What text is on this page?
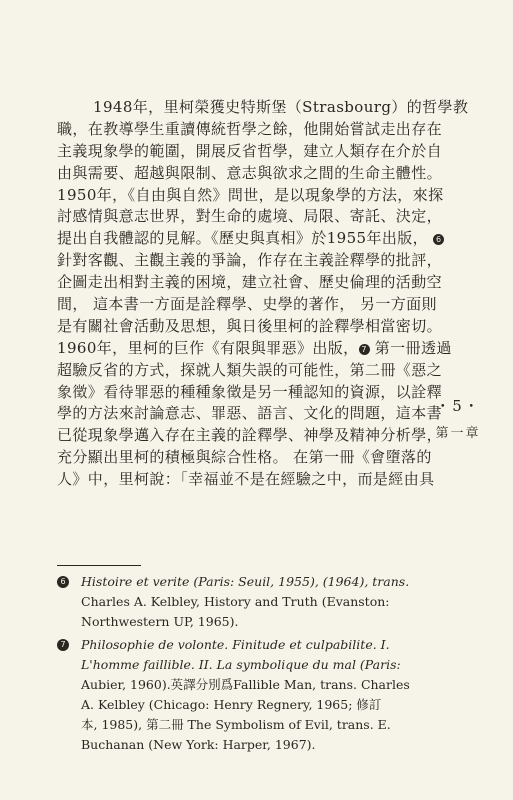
1948年，里柯榮獲史特斯堡（Strasbourg）的哲學教
職，在教導學生重讀傳統哲學之餘，他開始嘗試走出存在
主義現象學的範圍，開展反省哲學，建立人類存在介於自
由與需要、超越與限制、意志與欲求之間的生命主體性。
1950年，《自由與自然》問世，是以現象學的方法，來探
討感情與意志世界，對生命的處境、局限、寄託、決定，
提出自我體認的見解。《歷史與真相》於1955年出版， 6
針對客觀、主觀主義的爭論，作存在主義詮釋學的批評，
企圖走出相對主義的困境，建立社會、歷史倫理的活動空
間， 這本書一方面是詮釋學、史學的著作， 另一方面則
是有關社會活動及思想，與日後里柯的詮釋學相當密切。
1960年，里柯的巨作《有限與罪惡》出版， 7 第一冊透過
超驗反省的方式，探就人類失誤的可能性，第二冊《惡之
象徵》看待罪惡的種種象徵是另一種認知的資源，以詮釋
學的方法來討論意志、罪惡、語言、文化的問題，這本書
已從現象學邁入存在主義的詮釋學、神學及精神分析學，
充分顯出里柯的積極與綜合性格。 在第一冊《會墮落的
人》中，里柯說：「幸福並不是在經驗之中，而是經由具
・5・
第一章
6 Histoire et verite (Paris: Seuil, 1955), (1964), trans.
Charles A. Kelbley, History and Truth (Evanston:
Northwestern UP, 1965).
7 Philosophie de volonte. Finitude et culpabilite. I.
L'homme faillible. II. La symbolique du mal (Paris:
Aubier, 1960).英譯分別爲Fallible Man, trans. Charles
A. Kelbley (Chicago: Henry Regnery, 1965; 修訂
本, 1985), 第二冊 The Symbolism of Evil, trans. E.
Buchanan (New York: Harper, 1967).
